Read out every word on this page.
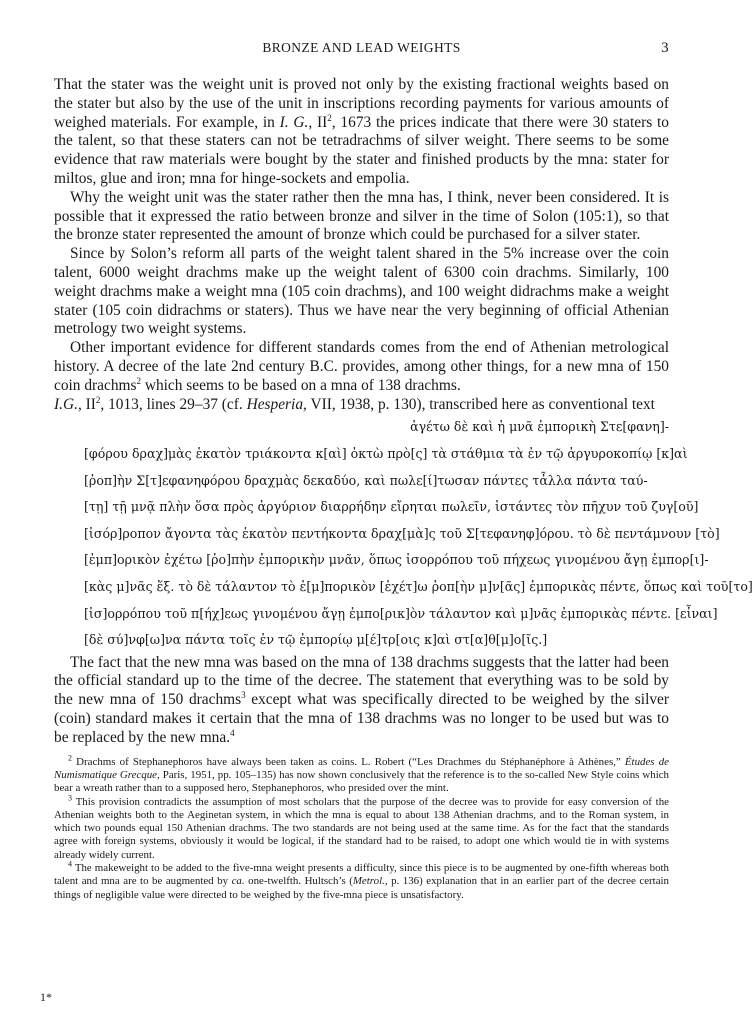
BRONZE AND LEAD WEIGHTS	3

That the stater was the weight unit is proved not only by the existing fractional weights based on the stater but also by the use of the unit in inscriptions recording payments for various amounts of weighed materials. For example, in I. G., $II^2$, 1673 the prices indicate that there were 30 staters to the talent, so that these staters can not be tetradrachms of silver weight. There seems to be some evidence that raw materials were bought by the stater and finished products by the mna: stater for miltos, glue and iron; mna for hinge-sockets and empolia.

Why the weight unit was the stater rather then the mna has, I think, never been considered. It is possible that it expressed the ratio between bronze and silver in the time of Solon (105:1), so that the bronze stater represented the amount of bronze which could be purchased for a silver stater.

Since by Solon’s reform all parts of the weight talent shared in the 5% increase over the coin talent, 6000 weight drachms make up the weight talent of 6300 coin drachms. Similarly, 100 weight drachms make a weight mna (105 coin drachms), and 100 weight didrachms make a weight stater (105 coin didrachms or staters). Thus we have near the very beginning of official Athenian metrology two weight systems.

Other important evidence for different standards comes from the end of Athenian metrological history. A decree of the late 2nd century B.C. provides, among other things, for a new mna of 150 coin drachms$^2$ which seems to be based on a mna of 138 drachms.

I.G., $II^2$, 1013, lines 29–37 (cf. Hesperia, VII, 1938, p. 130), transcribed here as conventional text

ἀγέτω δὲ καὶ ἡ μνᾶ ἐμπορικὴ Στε[φανη]-
[φόρου δραχ]μὰς ἑκατὸν τριάκοντα κ[αὶ] ὀκτὼ πρὸ[ς] τὰ στάθμια τὰ ἐν τῷ ἀργυροκοπίῳ [κ]αὶ
[ῥοπ]ὴν Σ[τ]εφανηφόρου δραχμὰς δεκαδύο, καὶ πωλε[ί]τωσαν πάντες τἆλλα πάντα ταύ-
[τῃ] τῇ μνᾷ πλὴν ὅσα πρὸς ἀργύριον διαρρήδην εἴρηται πωλεῖν, ἱστάντες τὸν πῆχυν τοῦ ζυγ[οῦ]
[ἰσόρ]ροπον ἄγοντα τὰς ἑκατὸν πεντήκοντα δραχ[μὰ]ς τοῦ Σ[τεφανηφ]όρου. τὸ δὲ πεντάμνουν [τὸ]
[ἐμπ]ορικὸν ἐχέτω [ῥο]πὴν ἐμπορικὴν μνᾶν, ὅπως ἰσορρόπου τοῦ πήχεως γινομένου ἄγῃ ἐμπορ[ι]-
[κὰς μ]νᾶς ἕξ. τὸ δὲ τάλαντον τὸ ἐ[μ]πορικὸν [ἐχέτ]ω ῥοπ[ὴν μ]ν[ᾶς] ἐμπορικὰς πέντε, ὅπως καὶ τοῦ[το]
[ἰσ]ορρόπου τοῦ π[ήχ]εως γινομένου ἄγῃ ἐμπο[ρικ]ὸν τάλαντον καὶ μ]νᾶς ἐμπορικὰς πέντε. [εἶναι]
[δὲ σύ]νφ[ω]να πάντα τοῖς ἐν τῷ ἐμπορίῳ μ[έ]τρ[οις κ]αὶ στ[α]θ[μ]ο[ῖς.]

The fact that the new mna was based on the mna of 138 drachms suggests that the latter had been the official standard up to the time of the decree. The statement that everything was to be sold by the new mna of 150 drachms$^3$ except what was specifically directed to be weighed by the silver (coin) standard makes it certain that the mna of 138 drachms was no longer to be used but was to be replaced by the new mna.$^4$

$^2$ Drachms of Stephanephoros have always been taken as coins. L. Robert (“Les Drachmes du Stéphanéphore à Athènes,” Études de Numismatique Grecque, Paris, 1951, pp. 105–135) has now shown conclusively that the reference is to the so-called New Style coins which bear a wreath rather than to a supposed hero, Stephanephoros, who presided over the mint.

$^3$ This provision contradicts the assumption of most scholars that the purpose of the decree was to provide for easy conversion of the Athenian weights both to the Aeginetan system, in which the mna is equal to about 138 Athenian drachms, and to the Roman system, in which two pounds equal 150 Athenian drachms. The two standards are not being used at the same time. As for the fact that the standards agree with foreign systems, obviously it would be logical, if the standard had to be raised, to adopt one which would tie in with systems already widely current.

$^4$ The makeweight to be added to the five-mna weight presents a difficulty, since this piece is to be augmented by one-fifth whereas both talent and mna are to be augmented by ca. one-twelfth. Hultsch’s (Metrol., p. 136) explanation that in an earlier part of the decree certain things of negligible value were directed to be weighed by the five-mna piece is unsatisfactory.

1*
